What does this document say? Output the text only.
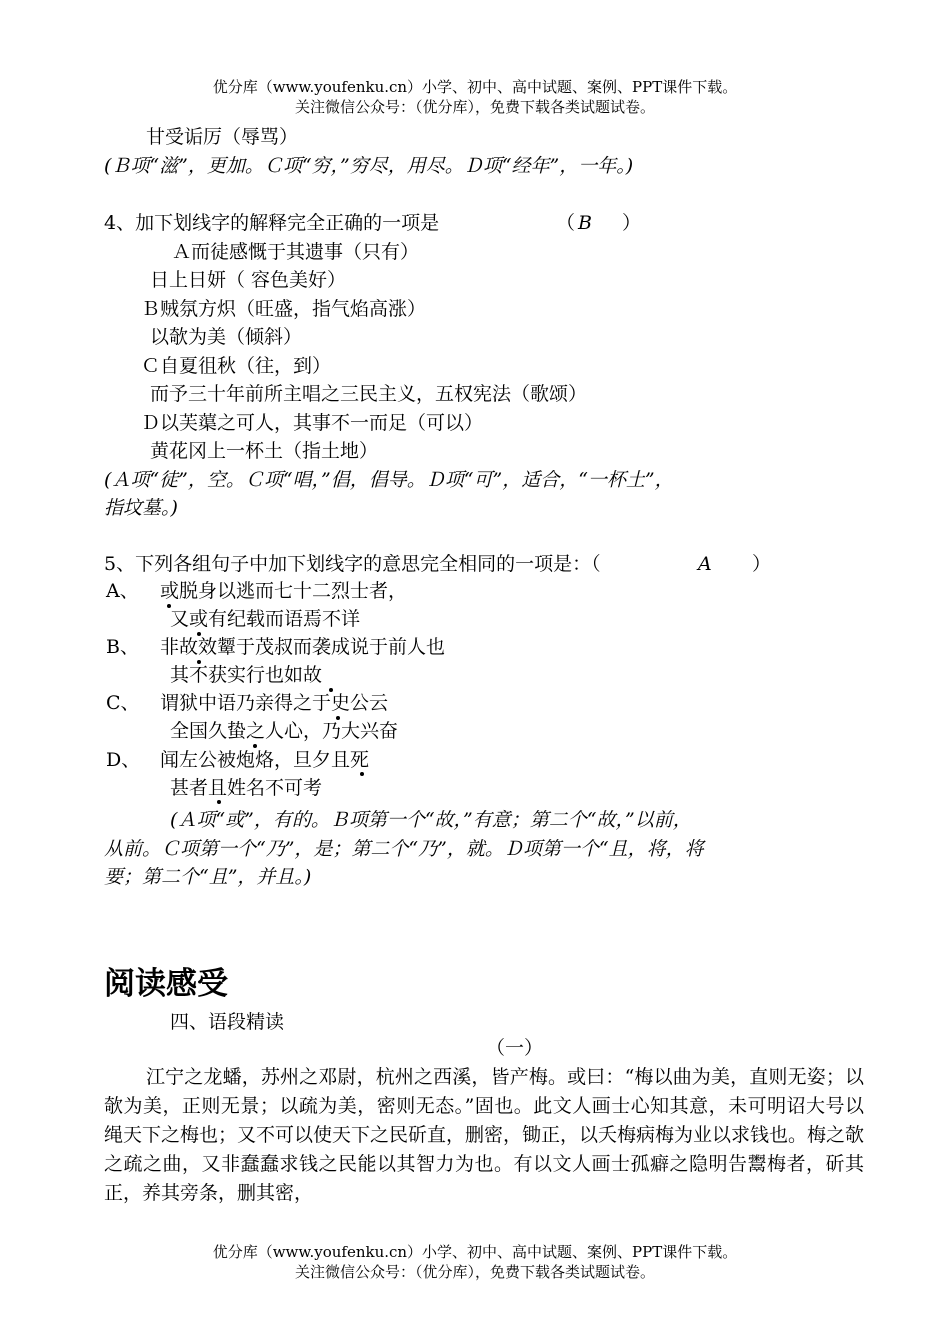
优分库（www.youfenku.cn）小学、初中、高中试题、案例、PPT课件下载。
关注微信公众号：（优分库），免费下载各类试题试卷。
甘受诟厉（辱骂）
(Ｂ项“滋”，更加。Ｃ项“穷，”穷尽，用尽。Ｄ项“经年”，一年。)
4、加下划线字的解释完全正确的一项是	（ B ）
Ａ而徒感慨于其遗事（只有）
日上日妍（ 容色美好）
Ｂ贼氛方炽（旺盛，指气焰高涨）
以欹为美（倾斜）
Ｃ自夏徂秋（往，到）
而予三十年前所主唱之三民主义，五权宪法（歌颂）
Ｄ以芙蕖之可人，其事不一而足（可以）
黄花冈上一杯土（指土地）
(Ａ项“徒”，空。Ｃ项“唱，”倡，倡导。Ｄ项“可”，适合，“一杯土”，
指坟墓。)
5、下列各组句子中加下划线字的意思完全相同的一项是：（	A ）
A、 或脱身以逃而七十二烈士者，
又或有纪载而语焉不详
B、 非故效颦于茂叔而袭成说于前人也
其不获实行也如故
C、 谓狱中语乃亲得之于史公云
全国久蛰之人心，乃大兴奋
D、 闻左公被炮烙，旦夕且死
甚者且姓名不可考
(Ａ项“或”，有的。Ｂ项第一个“故，”有意；第二个“故，”以前，
从前。Ｃ项第一个“乃”，是；第二个“乃”，就。Ｄ项第一个“且，将，将
要；第二个“且”，并且。)
阅读感受
四、语段精读
（一）
江宁之龙蟠，苏州之邓尉，杭州之西溪，皆产梅。或曰：“梅以曲为美，直则无姿；以欹为美，正则无景；以疏为美，密则无态。”固也。此文人画士心知其意，未可明诏大号以绳天下之梅也；又不可以使天下之民斫直，删密，锄正，以夭梅病梅为业以求钱也。梅之欹之疏之曲，又非蠢蠢求钱之民能以其智力为也。有以文人画士孤癖之隐明告鬻梅者，斫其正，养其旁条，删其密，
优分库（www.youfenku.cn）小学、初中、高中试题、案例、PPT课件下载。
关注微信公众号：（优分库），免费下载各类试题试卷。
